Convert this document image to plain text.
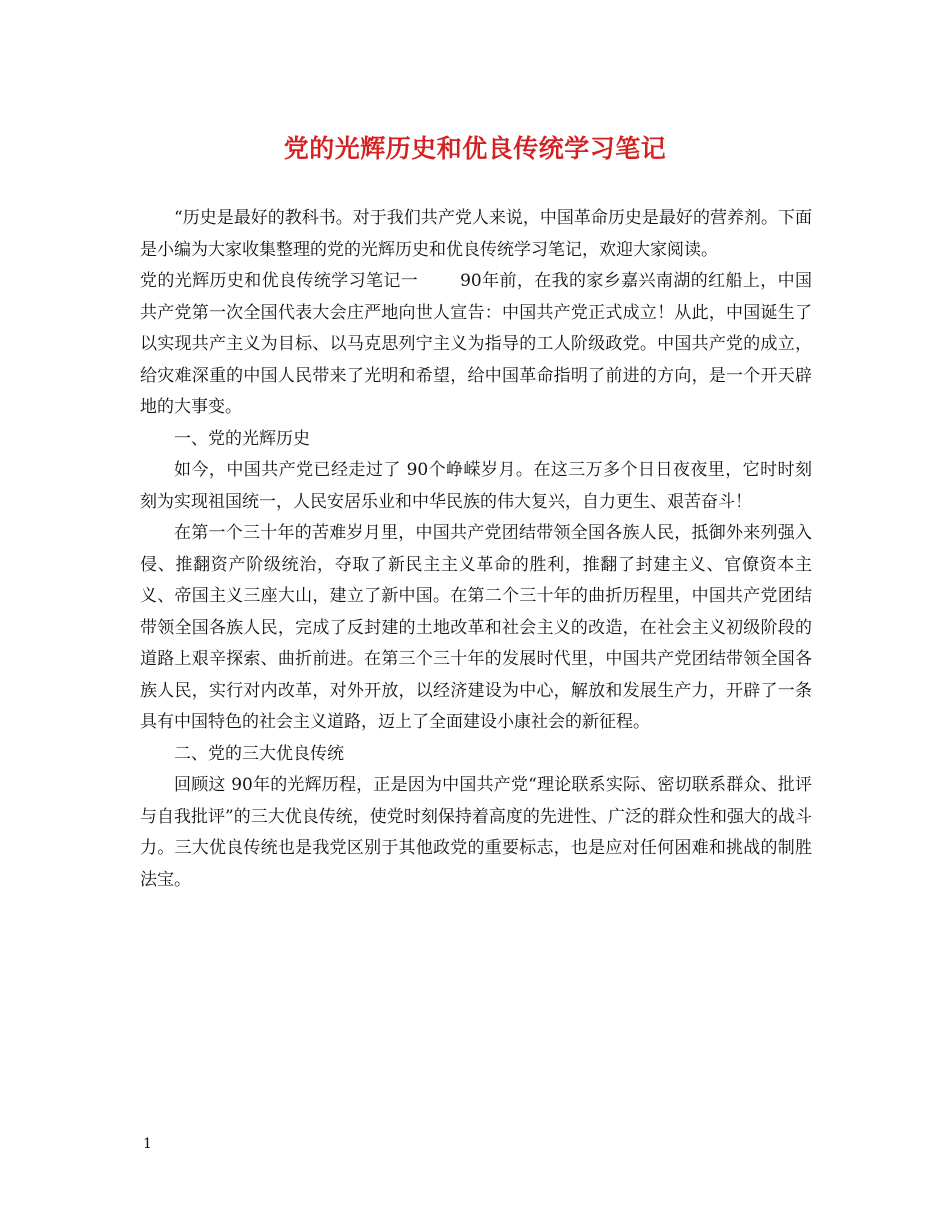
党的光辉历史和优良传统学习笔记

“历史是最好的教科书。对于我们共产党人来说，中国革命历史是最好的营养剂。下面是小编为大家收集整理的党的光辉历史和优良传统学习笔记，欢迎大家阅读。

党的光辉历史和优良传统学习笔记一 90年前，在我的家乡嘉兴南湖的红船上，中国共产党第一次全国代表大会庄严地向世人宣告：中国共产党正式成立！从此，中国诞生了以实现共产主义为目标、以马克思列宁主义为指导的工人阶级政党。中国共产党的成立，给灾难深重的中国人民带来了光明和希望，给中国革命指明了前进的方向，是一个开天辟地的大事变。

一、党的光辉历史

如今，中国共产党已经走过了 90个峥嵘岁月。在这三万多个日日夜夜里，它时时刻刻为实现祖国统一，人民安居乐业和中华民族的伟大复兴，自力更生、艰苦奋斗！

在第一个三十年的苦难岁月里，中国共产党团结带领全国各族人民，抵御外来列强入侵、推翻资产阶级统治，夺取了新民主主义革命的胜利，推翻了封建主义、官僚资本主义、帝国主义三座大山，建立了新中国。在第二个三十年的曲折历程里，中国共产党团结带领全国各族人民，完成了反封建的土地改革和社会主义的改造，在社会主义初级阶段的道路上艰辛探索、曲折前进。在第三个三十年的发展时代里，中国共产党团结带领全国各族人民，实行对内改革，对外开放，以经济建设为中心，解放和发展生产力，开辟了一条具有中国特色的社会主义道路，迈上了全面建设小康社会的新征程。

二、党的三大优良传统

回顾这 90年的光辉历程，正是因为中国共产党“理论联系实际、密切联系群众、批评与自我批评”的三大优良传统，使党时刻保持着高度的先进性、广泛的群众性和强大的战斗力。三大优良传统也是我党区别于其他政党的重要标志，也是应对任何困难和挑战的制胜法宝。

1
